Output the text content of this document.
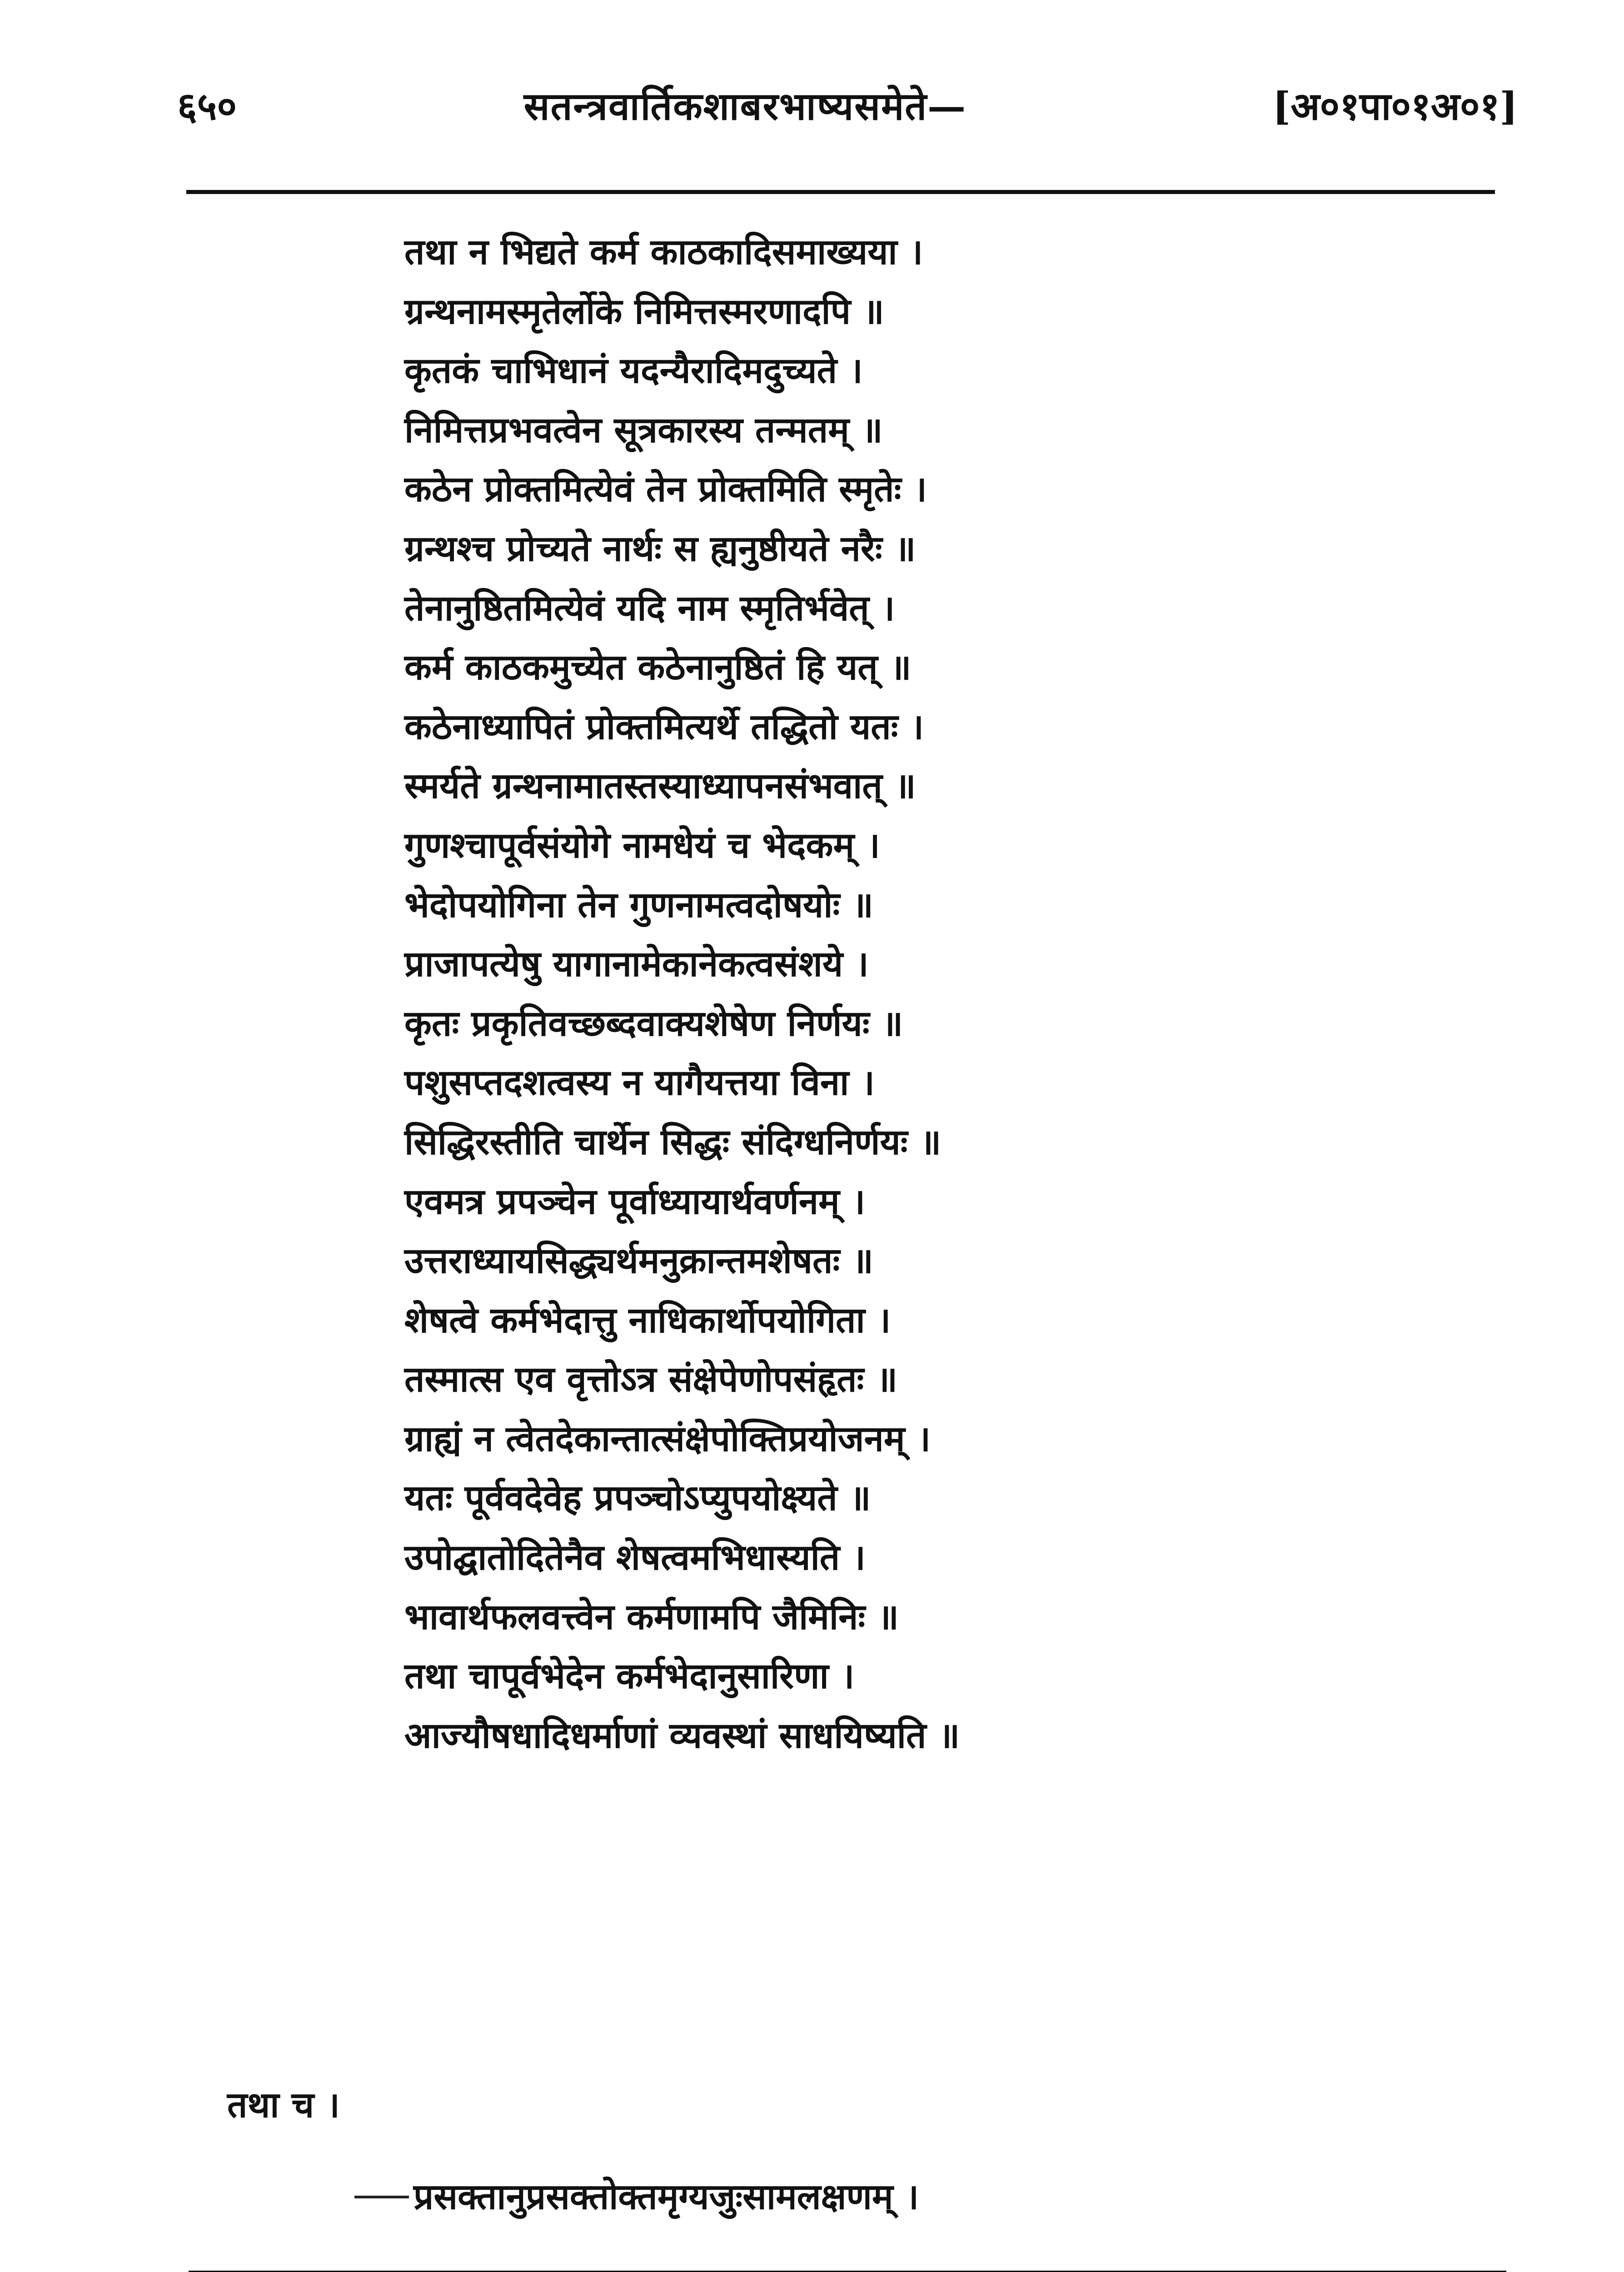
६५०	सतन्त्रवार्तिकशाबरभाष्यसमेते—	[अ०१पा०१अ०१]
तथा न भिद्यते कर्म काठकादिसमाख्यया ।
ग्रन्थनामस्मृतेर्लोके निमित्तस्मरणादपि ॥
कृतकं चाभिधानं यदन्यैरादिमदुच्यते ।
निमित्तप्रभवत्वेन सूत्रकारस्य तन्मतम् ॥
कठेन प्रोक्तमित्येवं तेन प्रोक्तमिति स्मृतेः ।
ग्रन्थश्च प्रोच्यते नार्थः स ह्यनुष्ठीयते नरैः ॥
तेनानुष्ठितमित्येवं यदि नाम स्मृतिर्भवेत् ।
कर्म काठकमुच्येत कठेनानुष्ठितं हि यत् ॥
कठेनाध्यापितं प्रोक्तमित्यर्थे तद्धितो यतः ।
स्मर्यते ग्रन्थनामातस्तस्याध्यापनसंभवात् ॥
गुणश्चापूर्वसंयोगे नामधेयं च भेदकम् ।
भेदोपयोगिना तेन गुणनामत्वदोषयोः ॥
प्राजापत्येषु यागानामेकानेकत्वसंशये ।
कृतः प्रकृतिवच्छब्दवाक्यशेषेण निर्णयः ॥
पशुसप्तदशत्वस्य न यागैयत्तया विना ।
सिद्धिरस्तीति चार्थेन सिद्धः संदिग्धनिर्णयः ॥
एवमत्र प्रपञ्चेन पूर्वाध्यायार्थवर्णनम् ।
उत्तराध्यायसिद्ध्यर्थमनुक्रान्तमशेषतः ॥
शेषत्वे कर्मभेदात्तु नाधिकार्थोपयोगिता ।
तस्मात्स एव वृत्तोऽत्र संक्षेपेणोपसंहृतः ॥
ग्राह्यं न त्वेतदेकान्तात्संक्षेपोक्तिप्रयोजनम् ।
यतः पूर्ववदेवेह प्रपञ्चोऽप्युपयोक्ष्यते ॥
उपोद्घातोदितेनैव शेषत्वमभिधास्यति ।
भावार्थफलवत्त्वेन कर्मणामपि जैमिनिः ॥
तथा चापूर्वभेदेन कर्मभेदानुसारिणा ।
आज्यौषधादिधर्माणां व्यवस्थां साधयिष्यति ॥
तथा च ।
प्रसक्तानुप्रसक्तोक्तमृग्यजुःसामलक्षणम् ।
